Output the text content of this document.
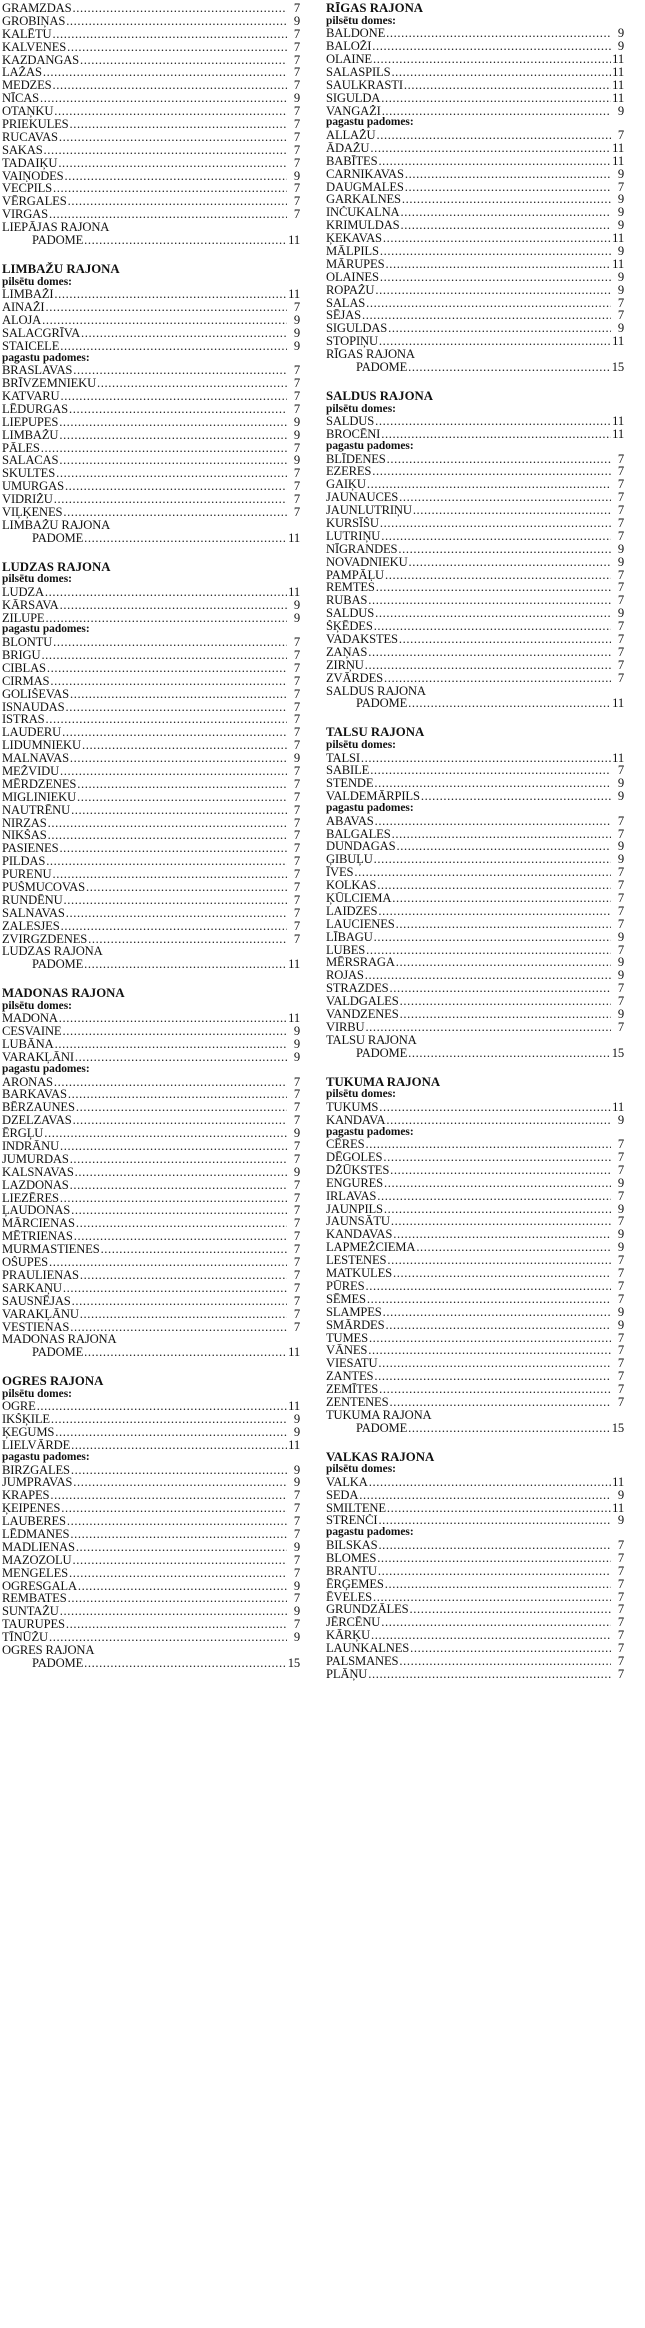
GRAMZDAS .....	7
GROBIŅAS .....	9
KALĒTU .....	7
KALVENES .....	7
KAZDANGAS .....	7
LAŽAS .....	7
MEDZES .....	7
NĪCAS .....	9
OTAŅKU .....	7
PRIEKULES .....	7
RUCAVAS .....	7
SAKAS .....	7
TADAIĶU .....	7
VAIŅODES .....	9
VECPILS .....	7
VĒRGALES .....	7
VIRGAS .....	7
LIEPĀJAS RAJONA
PADOME .....	11
LIMBAŽU RAJONA
pilsētu domes:
LIMBAŽI .....	11
AINAŽI .....	7
ALOJA .....	9
SALACGRĪVA .....	9
STAICELE .....	9
pagastu padomes:
BRASLAVAS .....	7
BRĪVZEMNIEKU .....	7
KATVARU .....	7
LĒDURGAS .....	7
LIEPUPES .....	9
LIMBAŽU .....	9
PĀLES .....	7
SALACAS .....	9
SKULTES .....	7
UMURGAS .....	7
VIDRIŽU .....	7
VIĻĶENES .....	7
LIMBAŽU RAJONA
PADOME .....	11
LUDZAS RAJONA
pilsētu domes:
LUDZA .....	11
KĀRSAVA .....	9
ZILUPE .....	9
pagastu padomes:
BLONTU .....	7
BRIGU .....	7
CIBLAS .....	7
CIRMAS .....	7
GOLIŠEVAS .....	7
ISNAUDAS .....	7
ISTRAS .....	7
LAUDERU .....	7
LIDUMNIEKU .....	7
MALNAVAS .....	9
MEŽVIDU .....	7
MĒRDZENES .....	7
MIGLINIEKU .....	7
NAUTRĒNU .....	7
NIRZAS .....	7
NIKŠAS .....	7
PASIENES .....	7
PILDAS .....	7
PURENU .....	7
PUŠMUCOVAS .....	7
RUNDĒNU .....	7
SALNAVAS .....	7
ZALESJES .....	7
ZVIRGZDENES .....	7
LUDZAS RAJONA
PADOME .....	11
MADONAS RAJONA
pilsētu domes:
MADONA .....	11
CESVAINE .....	9
LUBĀNA .....	9
VARAKĻĀNI .....	9
pagastu padomes:
ARONAS .....	7
BARKAVAS .....	7
BĒRZAUNES .....	7
DZELZAVAS .....	7
ĒRGĻU .....	9
INDRĀNU .....	7
JUMURDAS .....	7
KALSNAVAS .....	9
LAZDONAS .....	7
LIEZĒRES .....	7
ĻAUDONAS .....	7
MĀRCIENAS .....	7
MĒTRIENAS .....	7
MURMASTIENES .....	7
OŠUPES .....	7
PRAULIENAS .....	7
SARKAŅU .....	7
SAUSNĒJAS .....	7
VARAKĻĀNU .....	7
VESTIENAS .....	7
MADONAS RAJONA
PADOME .....	11
OGRES RAJONA
pilsētu domes:
OGRE .....	11
IKŠĶILE .....	9
ĶEGUMS .....	9
LIELVĀRDE .....	11
pagastu padomes:
BIRZGALES .....	9
JUMPRAVAS .....	9
KRAPES .....	7
ĶEIPENES .....	7
LAUBERES .....	7
LĒDMANES .....	7
MADLIENAS .....	9
MAZOZOLU .....	7
MENGELES .....	7
OGRESGALA .....	9
REMBATES .....	7
SUNTAŽU .....	9
TAURUPES .....	7
TĪNŪŽU .....	9
OGRES RAJONA
PADOME .....	15
RĪGAS RAJONA
pilsētu domes:
BALDONE .....	9
BALOŽI .....	9
OLAINE .....	11
SALASPILS .....	11
SAULKRASTI .....	11
SIGULDA .....	11
VANGAŽI .....	9
pagastu padomes:
ALLAŽU .....	7
ĀDAŽU .....	11
BABĪTES .....	11
CARNIKAVAS .....	9
DAUGMALES .....	7
GARKALNES .....	9
INČUKALNA .....	9
KRIMULDAS .....	9
ĶEKAVAS .....	11
MĀLPILS .....	9
MĀRUPES .....	11
OLAINES .....	9
ROPAŽU .....	9
SALAS .....	7
SĒJAS .....	7
SIGULDAS .....	9
STOPIŅU .....	11
RĪGAS RAJONA
PADOME .....	15
SALDUS RAJONA
pilsētu domes:
SALDUS .....	11
BROCĒNI .....	11
pagastu padomes:
BLĪDENES .....	7
EZERES .....	7
GAIĶU .....	7
JAUNAUCES .....	7
JAUNLUTRIŅU .....	7
KURSĪŠU .....	7
LUTRIŅU .....	7
NĪGRANDES .....	9
NOVADNIEKU .....	9
PAMPĀĻU .....	7
REMTES .....	7
RUBAS .....	7
SALDUS .....	9
ŠĶĒDES .....	7
VADAKSTES .....	7
ZAŅAS .....	7
ZIRŅU .....	7
ZVĀRDES .....	7
SALDUS RAJONA
PADOME .....	11
TALSU RAJONA
pilsētu domes:
TALSI .....	11
SABILE .....	7
STENDE .....	9
VALDEMĀRPILS .....	9
pagastu padomes:
ABAVAS .....	7
BALGALES .....	7
DUNDAGAS .....	9
ĢIBUĻU .....	9
ĪVES .....	7
KOLKAS .....	7
ĶŪLCIEMA .....	7
LAIDZES .....	7
LAUCIENES .....	7
LĪBAGU .....	9
LUBES .....	7
MĒRSRAGA .....	9
ROJAS .....	9
STRAZDES .....	7
VALDGALES .....	7
VANDZENES .....	9
VIRBU .....	7
TALSU RAJONA
PADOME .....	15
TUKUMA RAJONA
pilsētu domes:
TUKUMS .....	11
KANDAVA .....	9
pagastu padomes:
CĒRES .....	7
DĒGOLES .....	7
DŽŪKSTES .....	7
ENGURES .....	9
IRLAVAS .....	7
JAUNPILS .....	9
JAUNSĀTU .....	7
KANDAVAS .....	9
LAPMEŽCIEMA .....	9
LESTENES .....	7
MATKULES .....	7
PŪRES .....	7
SĒMES .....	7
SLAMPES .....	9
SMĀRDES .....	9
TUMES .....	7
VĀNES .....	7
VIESATU .....	7
ZANTES .....	7
ZEMĪTES .....	7
ZENTENES .....	7
TUKUMA RAJONA
PADOME .....	15
VALKAS RAJONA
pilsētu domes:
VALKA .....	11
SEDA .....	9
SMILTENE .....	11
STRENČI .....	9
pagastu padomes:
BILSKAS .....	7
BLOMES .....	7
BRANTU .....	7
ĒRĢEMES .....	7
ĒVELES .....	7
GRUNDZĀLES .....	7
JĒRCĒNU .....	7
KĀRĶU .....	7
LAUNKALNES .....	7
PALSMANES .....	7
PLĀŅU .....	7
